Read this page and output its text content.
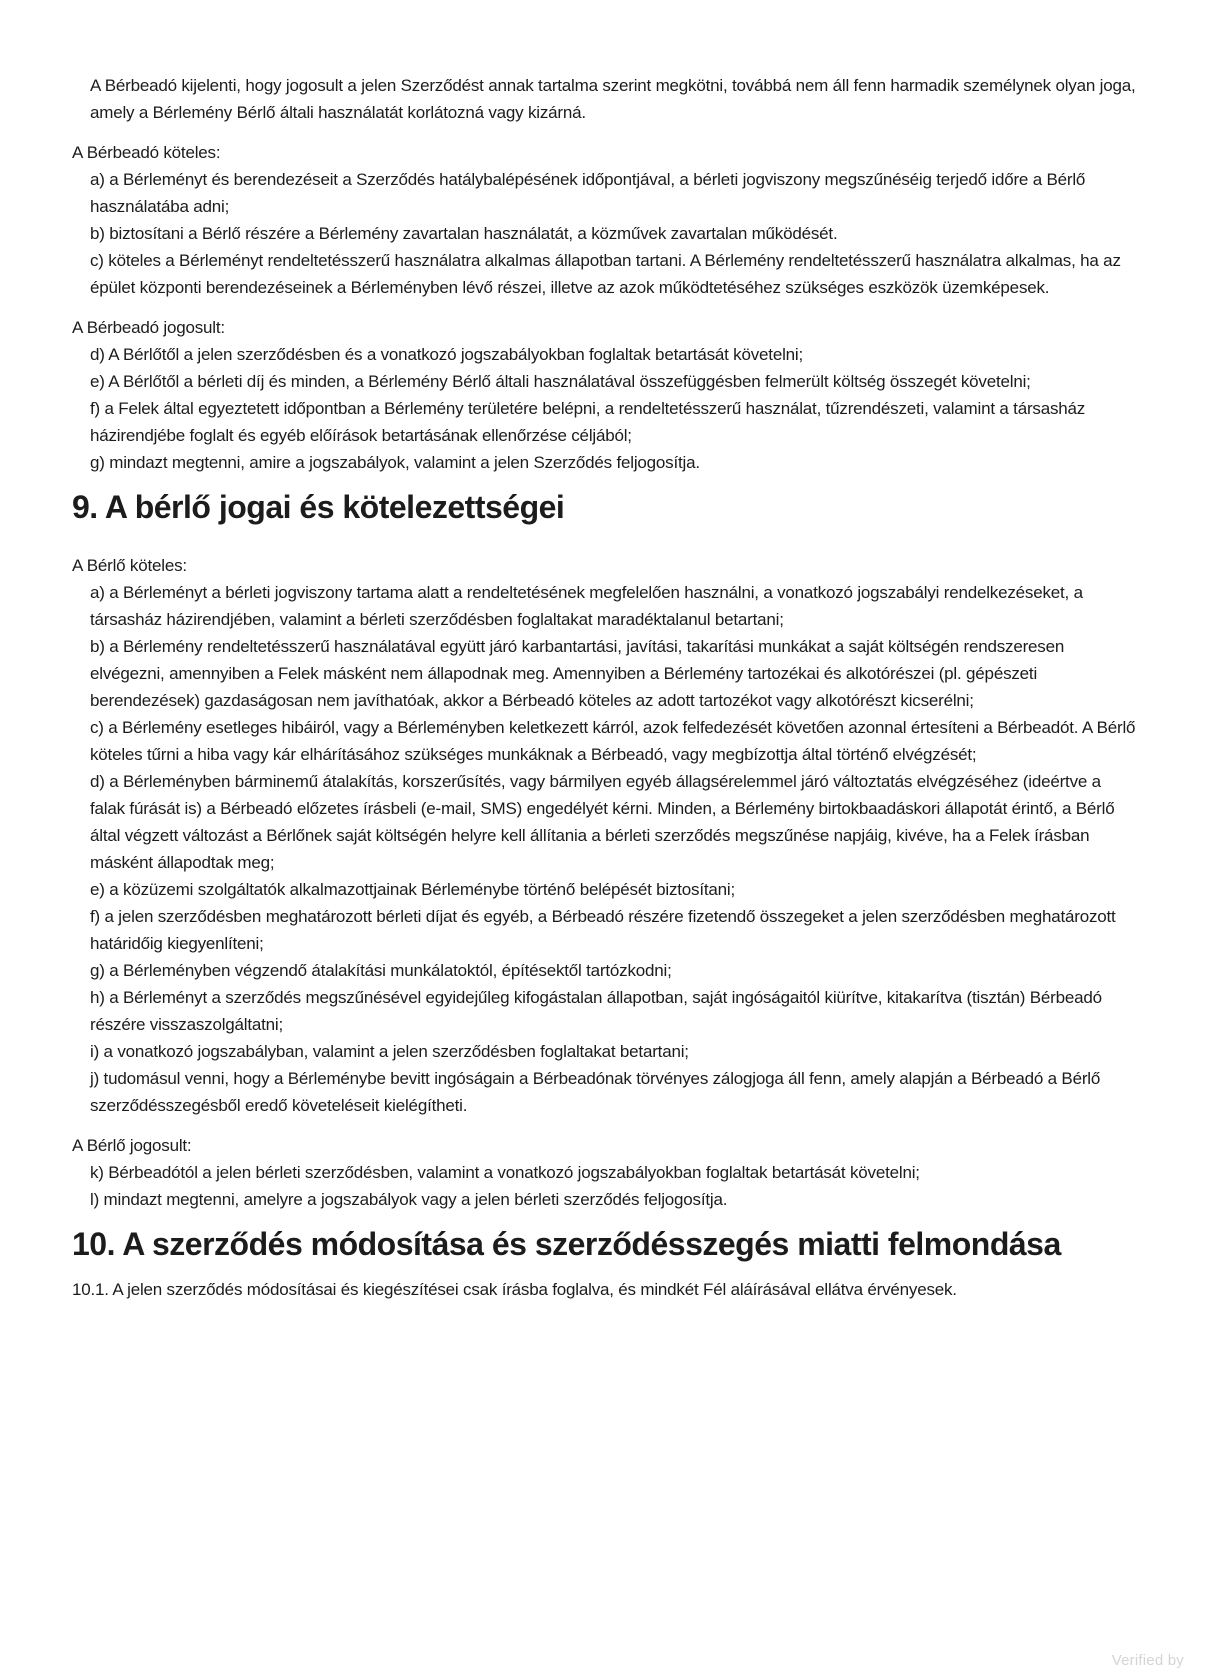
A Bérbeadó kijelenti, hogy jogosult a jelen Szerződést annak tartalma szerint megkötni, továbbá nem áll fenn harmadik személynek olyan joga, amely a Bérlemény Bérlő általi használatát korlátozná vagy kizárná.

A Bérbeadó köteles:

a) a Bérleményt és berendezéseit a Szerződés hatálybalépésének időpontjával, a bérleti jogviszony megszűnéséig terjedő időre a Bérlő használatába adni;
b) biztosítani a Bérlő részére a Bérlemény zavartalan használatát, a közművek zavartalan működését.
c) köteles a Bérleményt rendeltetésszerű használatra alkalmas állapotban tartani. A Bérlemény rendeltetésszerű használatra alkalmas, ha az épület központi berendezéseinek a Bérleményben lévő részei, illetve az azok működtetéséhez szükséges eszközök üzemképesek.

A Bérbeadó jogosult:

d) A Bérlőtől a jelen szerződésben és a vonatkozó jogszabályokban foglaltak betartását követelni;
e) A Bérlőtől a bérleti díj és minden, a Bérlemény Bérlő általi használatával összefüggésben felmerült költség összegét követelni;
f) a Felek által egyeztetett időpontban a Bérlemény területére belépni, a rendeltetésszerű használat, tűzrendészeti, valamint a társasház házirendjébe foglalt és egyéb előírások betartásának ellenőrzése céljából;
g) mindazt megtenni, amire a jogszabályok, valamint a jelen Szerződés feljogosítja.
9. A bérlő jogai és kötelezettségei

A Bérlő köteles:

a) a Bérleményt a bérleti jogviszony tartama alatt a rendeltetésének megfelelően használni, a vonatkozó jogszabályi rendelkezéseket, a társasház házirendjében, valamint a bérleti szerződésben foglaltakat maradéktalanul betartani;
b) a Bérlemény rendeltetésszerű használatával együtt járó karbantartási, javítási, takarítási munkákat a saját költségén rendszeresen elvégezni, amennyiben a Felek másként nem állapodnak meg. Amennyiben a Bérlemény tartozékai és alkotórészei (pl. gépészeti berendezések) gazdaságosan nem javíthatóak, akkor a Bérbeadó köteles az adott tartozékot vagy alkotórészt kicserélni;
c) a Bérlemény esetleges hibáiról, vagy a Bérleményben keletkezett kárról, azok felfedezését követően azonnal értesíteni a Bérbeadót. A Bérlő köteles tűrni a hiba vagy kár elhárításához szükséges munkáknak a Bérbeadó, vagy megbízottja által történő elvégzését;
d) a Bérleményben bárminemű átalakítás, korszerűsítés, vagy bármilyen egyéb állagsérelemmel járó változtatás elvégzéséhez (ideértve a falak fúrását is) a Bérbeadó előzetes írásbeli (e-mail, SMS) engedélyét kérni. Minden, a Bérlemény birtokbaadáskori állapotát érintő, a Bérlő által végzett változást a Bérlőnek saját költségén helyre kell állítania a bérleti szerződés megszűnése napjáig, kivéve, ha a Felek írásban másként állapodtak meg;
e) a közüzemi szolgáltatók alkalmazottjainak Bérleménybe történő belépését biztosítani;
f) a jelen szerződésben meghatározott bérleti díjat és egyéb, a Bérbeadó részére fizetendő összegeket a jelen szerződésben meghatározott határidőig kiegyenlíteni;
g) a Bérleményben végzendő átalakítási munkálatoktól, építésektől tartózkodni;
h) a Bérleményt a szerződés megszűnésével egyidejűleg kifogástalan állapotban, saját ingóságaitól kiürítve, kitakarítva (tisztán) Bérbeadó részére visszaszolgáltatni;
i) a vonatkozó jogszabályban, valamint a jelen szerződésben foglaltakat betartani;
j) tudomásul venni, hogy a Bérleménybe bevitt ingóságain a Bérbeadónak törvényes zálogjoga áll fenn, amely alapján a Bérbeadó a Bérlő szerződésszegésből eredő követeléseit kielégítheti.

A Bérlő jogosult:

k) Bérbeadótól a jelen bérleti szerződésben, valamint a vonatkozó jogszabályokban foglaltak betartását követelni;
l) mindazt megtenni, amelyre a jogszabályok vagy a jelen bérleti szerződés feljogosítja.
10. A szerződés módosítása és szerződésszegés miatti felmondása

10.1. A jelen szerződés módosításai és kiegészítései csak írásba foglalva, és mindkét Fél aláírásával ellátva érvényesek.

Verified by
